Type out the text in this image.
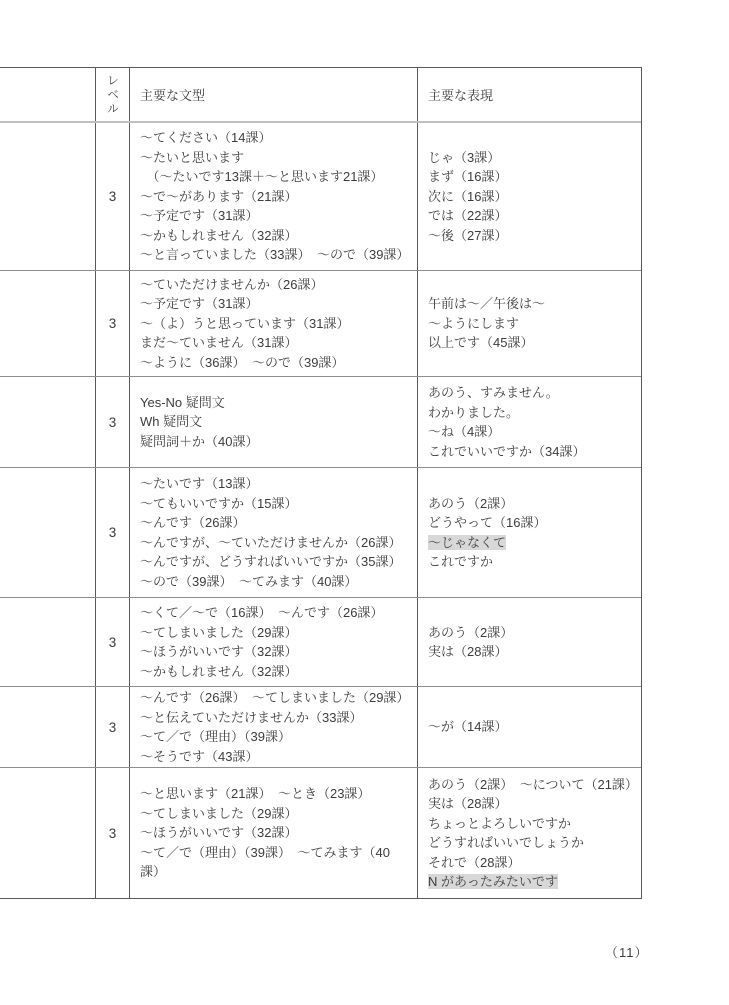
レベル	主要な文型	主要な表現
3
～てください（14課）
～たいと思います
　（～たいです13課＋～と思います21課）
～で～があります（21課）
～予定です（31課）
～かもしれません（32課）
～と言っていました（33課）　～ので（39課）
じゃ（3課）
まず（16課）
次に（16課）
では（22課）
～後（27課）
3
～ていただけませんか（26課）
～予定です（31課）
～（よ）うと思っています（31課）
まだ～ていません（31課）
～ように（36課）　～ので（39課）
午前は～／午後は～
～ようにします
以上です（45課）
3
Yes-No 疑問文
Wh 疑問文
疑問詞＋か（40課）
あのう、すみません。
わかりました。
～ね（4課）
これでいいですか（34課）
3
～たいです（13課）
～てもいいですか（15課）
～んです（26課）
～んですが、～ていただけませんか（26課）
～んですが、どうすればいいですか（35課）
～ので（39課）　～てみます（40課）
あのう（2課）
どうやって（16課）
～じゃなくて
これですか
3
～くて／～で（16課）　～んです（26課）
～てしまいました（29課）
～ほうがいいです（32課）
～かもしれません（32課）
あのう（2課）
実は（28課）
3
～んです（26課）　～てしまいました（29課）
～と伝えていただけませんか（33課）
～て／で（理由）（39課）
～そうです（43課）
～が（14課）
3
～と思います（21課）　～とき（23課）
～てしまいました（29課）
～ほうがいいです（32課）
～て／で（理由）（39課）　～てみます（40課）
あのう（2課）　～について（21課）
実は（28課）
ちょっとよろしいですか
どうすればいいでしょうか
それで（28課）
N があったみたいです
（11）
